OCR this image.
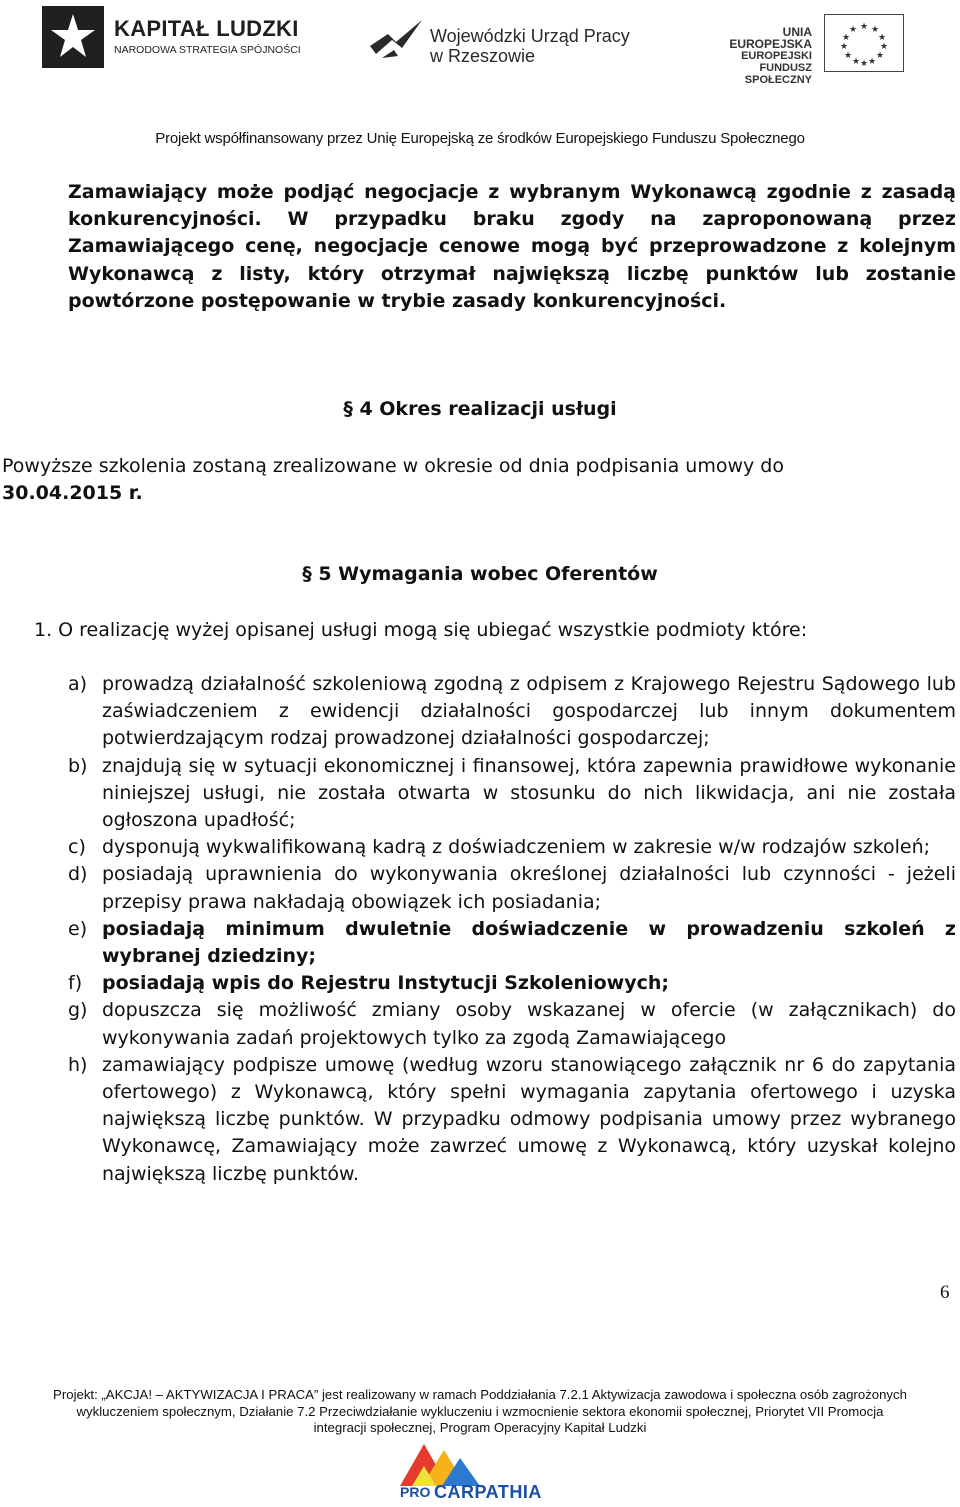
KAPITAŁ LUDZKI
NARODOWA STRATEGIA SPÓJNOŚCI
Wojewódzki Urząd Pracy
w Rzeszowie
UNIA EUROPEJSKA
EUROPEJSKI
FUNDUSZ SPOŁECZNY
★ ★
★
★
★
★
★
★
★
★
★
★
Projekt współfinansowany przez Unię Europejską ze środków Europejskiego Funduszu Społecznego
Zamawiający może podjąć negocjacje z wybranym Wykonawcą zgodnie z zasadą konkurencyjności. W przypadku braku zgody na zaproponowaną przez Zamawiającego cenę, negocjacje cenowe mogą być przeprowadzone z kolejnym Wykonawcą z listy, który otrzymał największą liczbę punktów lub zostanie powtórzone postępowanie w trybie zasady konkurencyjności.
§ 4 Okres realizacji usługi
Powyższe szkolenia zostaną zrealizowane w okresie od dnia podpisania umowy do
30.04.2015 r.
§ 5 Wymagania wobec Oferentów
1. O realizację wyżej opisanej usługi mogą się ubiegać wszystkie podmioty które:
a) prowadzą działalność szkoleniową zgodną z odpisem z Krajowego Rejestru Sądowego lub zaświadczeniem z ewidencji działalności gospodarczej lub innym dokumentem potwierdzającym rodzaj prowadzonej działalności gospodarczej;
b) znajdują się w sytuacji ekonomicznej i finansowej, która zapewnia prawidłowe wykonanie niniejszej usługi, nie została otwarta w stosunku do nich likwidacja, ani nie została ogłoszona upadłość;
c) dysponują wykwalifikowaną kadrą z doświadczeniem w zakresie w/w rodzajów szkoleń;
d) posiadają uprawnienia do wykonywania określonej działalności lub czynności - jeżeli przepisy prawa nakładają obowiązek ich posiadania;
e) posiadają minimum dwuletnie doświadczenie w prowadzeniu szkoleń z wybranej dziedziny;
f) posiadają wpis do Rejestru Instytucji Szkoleniowych;
g) dopuszcza się możliwość zmiany osoby wskazanej w ofercie (w załącznikach) do wykonywania zadań projektowych tylko za zgodą Zamawiającego
h) zamawiający podpisze umowę (według wzoru stanowiącego załącznik nr 6 do zapytania ofertowego) z Wykonawcą, który spełni wymagania zapytania ofertowego i uzyska największą liczbę punktów. W przypadku odmowy podpisania umowy przez wybranego Wykonawcę, Zamawiający może zawrzeć umowę z Wykonawcą, który uzyskał kolejno największą liczbę punktów.
6
Projekt: „AKCJA! – AKTYWIZACJA I PRACA” jest realizowany w ramach Poddziałania 7.2.1 Aktywizacja zawodowa i społeczna osób zagrożonych
wykluczeniem społecznym, Działanie 7.2 Przeciwdziałanie wykluczeniu i wzmocnienie sektora ekonomii społecznej, Priorytet VII Promocja
integracji społecznej, Program Operacyjny Kapitał Ludzki
PRO CARPATHIA
